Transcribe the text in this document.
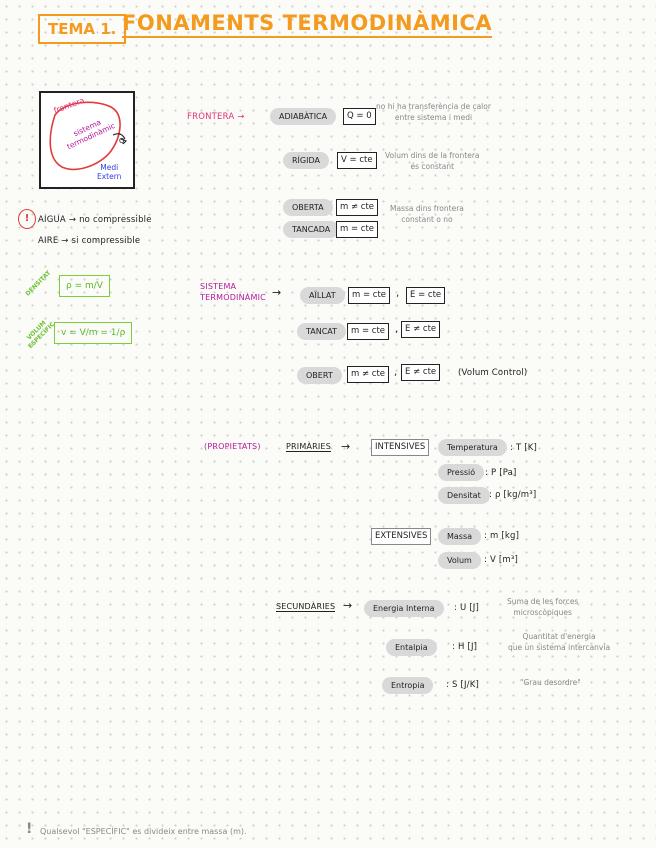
TEMA 1. FONAMENTS TERMODINÀMICA
frontera
sistema
termodinàmic Q
Medi
Extern
!	AIGUA → no compressible
AIRE → si compressible
DENSITAT	ρ = m/V
VOLUM
ESPECÍFIC v = V/m = 1/ρ
FRONTERA →	ADIABÀTICA	Q = 0
no hi ha transferència de calor
entre sistema i medi
RÍGIDA	V = cte	Volum dins de la frontera
és constant
OBERTA	m ≠ cte
TANCADA	m = cte
Massa dins frontera
constant o no
SISTEMA
TERMODINÀMIC →	AÏLLAT	m = cte ,	E = cte
TANCAT	m = cte , E ≠ cte
OBERT	m ≠ cte , E ≠ cte	(Volum Control)
(PROPIETATS)	PRIMÀRIES →	INTENSIVES	Temperatura	: T [K]
Pressió	: P [Pa]
Densitat : ρ [kg/m³]
EXTENSIVES	Massa	: m [kg]
Volum	: V [m³]
SECUNDÀRIES →	Energia Interna	: U [J]
Suma de les forces
microscòpiques
Entalpia	: H [J]
Quantitat d'energia
que un sistema intercanvia
Entropia	: S [J/K]	"Grau desordre"
! Qualsevol "ESPECÍFIC" es divideix entre massa (m).
